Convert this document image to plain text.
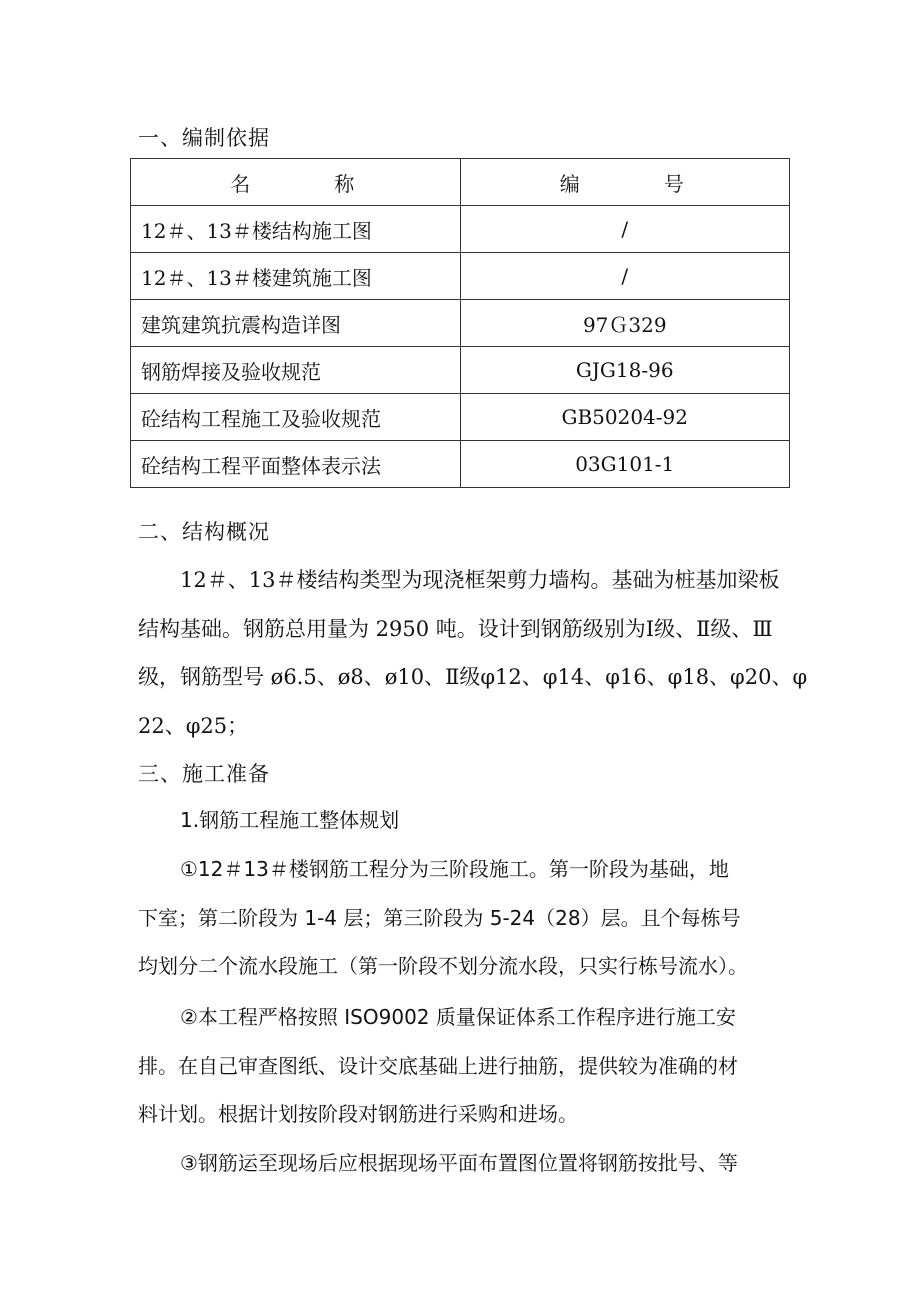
一、编制依据
名　　　称	编　　　号
12＃、13＃楼结构施工图	/
12＃、13＃楼建筑施工图	/
建筑建筑抗震构造详图	97Ｇ329
钢筋焊接及验收规范	GJG18-96
砼结构工程施工及验收规范	GB50204-92
砼结构工程平面整体表示法	03G101-1
二、结构概况
12＃、13＃楼结构类型为现浇框架剪力墙构。基础为桩基加梁板
结构基础。钢筋总用量为 2950 吨。设计到钢筋级别为Ⅰ级、Ⅱ级、Ⅲ
级，钢筋型号 ø6.5、ø8、ø10、Ⅱ级φ12、φ14、φ16、φ18、φ20、φ
22、φ25；
三、施工准备
1.钢筋工程施工整体规划
①12＃13＃楼钢筋工程分为三阶段施工。第一阶段为基础，地
下室；第二阶段为 1-4 层；第三阶段为 5-24（28）层。且个每栋号
均划分二个流水段施工（第一阶段不划分流水段，只实行栋号流水）。
②本工程严格按照 ISO9002 质量保证体系工作程序进行施工安
排。在自己审查图纸、设计交底基础上进行抽筋，提供较为准确的材
料计划。根据计划按阶段对钢筋进行采购和进场。
③钢筋运至现场后应根据现场平面布置图位置将钢筋按批号、等
